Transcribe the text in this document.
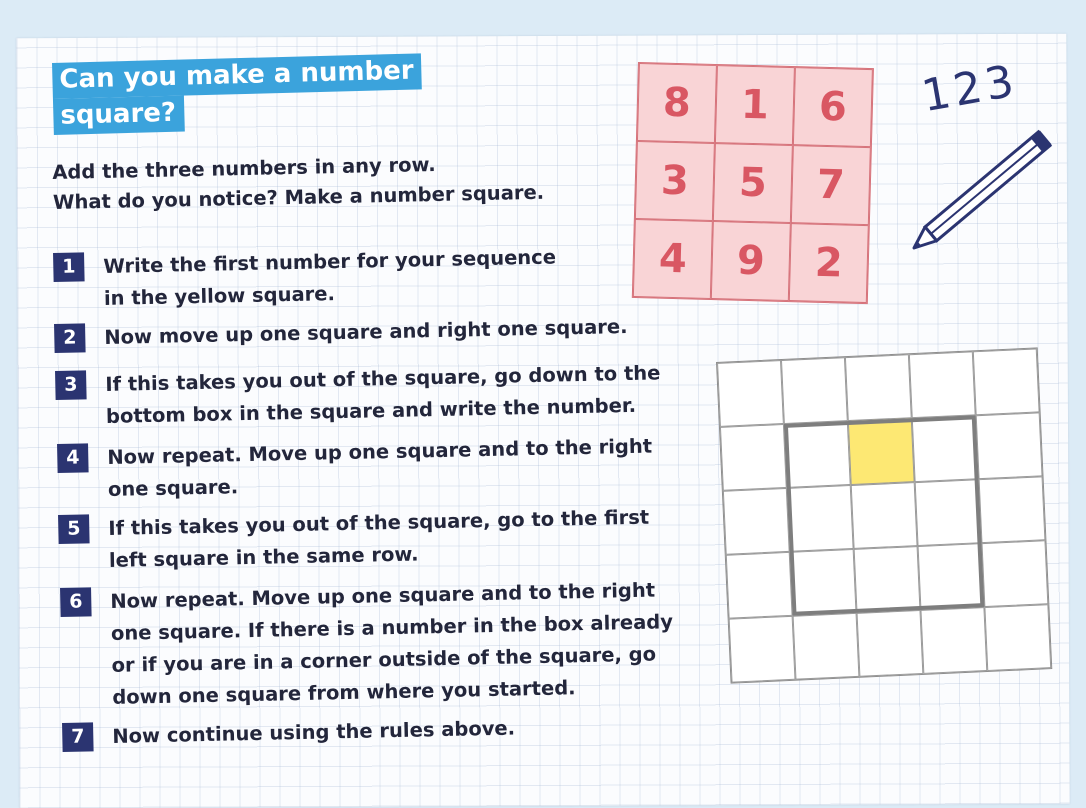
Can you make a number
square?
Add the three numbers in any row.
What do you notice? Make a number square.
1	Write the first number for your sequence
in the yellow square.
2	Now move up one square and right one square.
3	If this takes you out of the square, go down to the
bottom box in the square and write the number.
4	Now repeat. Move up one square and to the right
one square.
5	If this takes you out of the square, go to the first
left square in the same row.
6	Now repeat. Move up one square and to the right
one square. If there is a number in the box already
or if you are in a corner outside of the square, go
down one square from where you started.
7	Now continue using the rules above.
8	1	6
3	5	7
4	9	2
123
